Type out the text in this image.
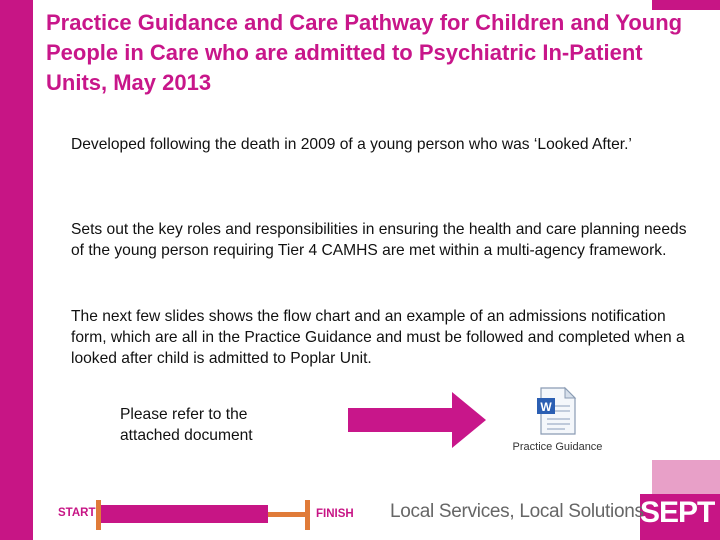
Practice Guidance and Care Pathway for Children and Young People in Care who are admitted to Psychiatric In-Patient Units, May 2013

Developed following the death in 2009 of a young person who was ‘Looked After.’

Sets out the key roles and responsibilities in ensuring the health and care planning needs of the young person requiring Tier 4 CAMHS are met within a multi-agency framework.

The next few slides shows the flow chart and an example of an admissions notification form, which are all in the Practice Guidance and must be followed and completed when a looked after child is admitted to Poplar Unit.

Please refer to the attached document

W
Practice Guidance
START	FINISH Local Services, Local Solutions
SEPT
